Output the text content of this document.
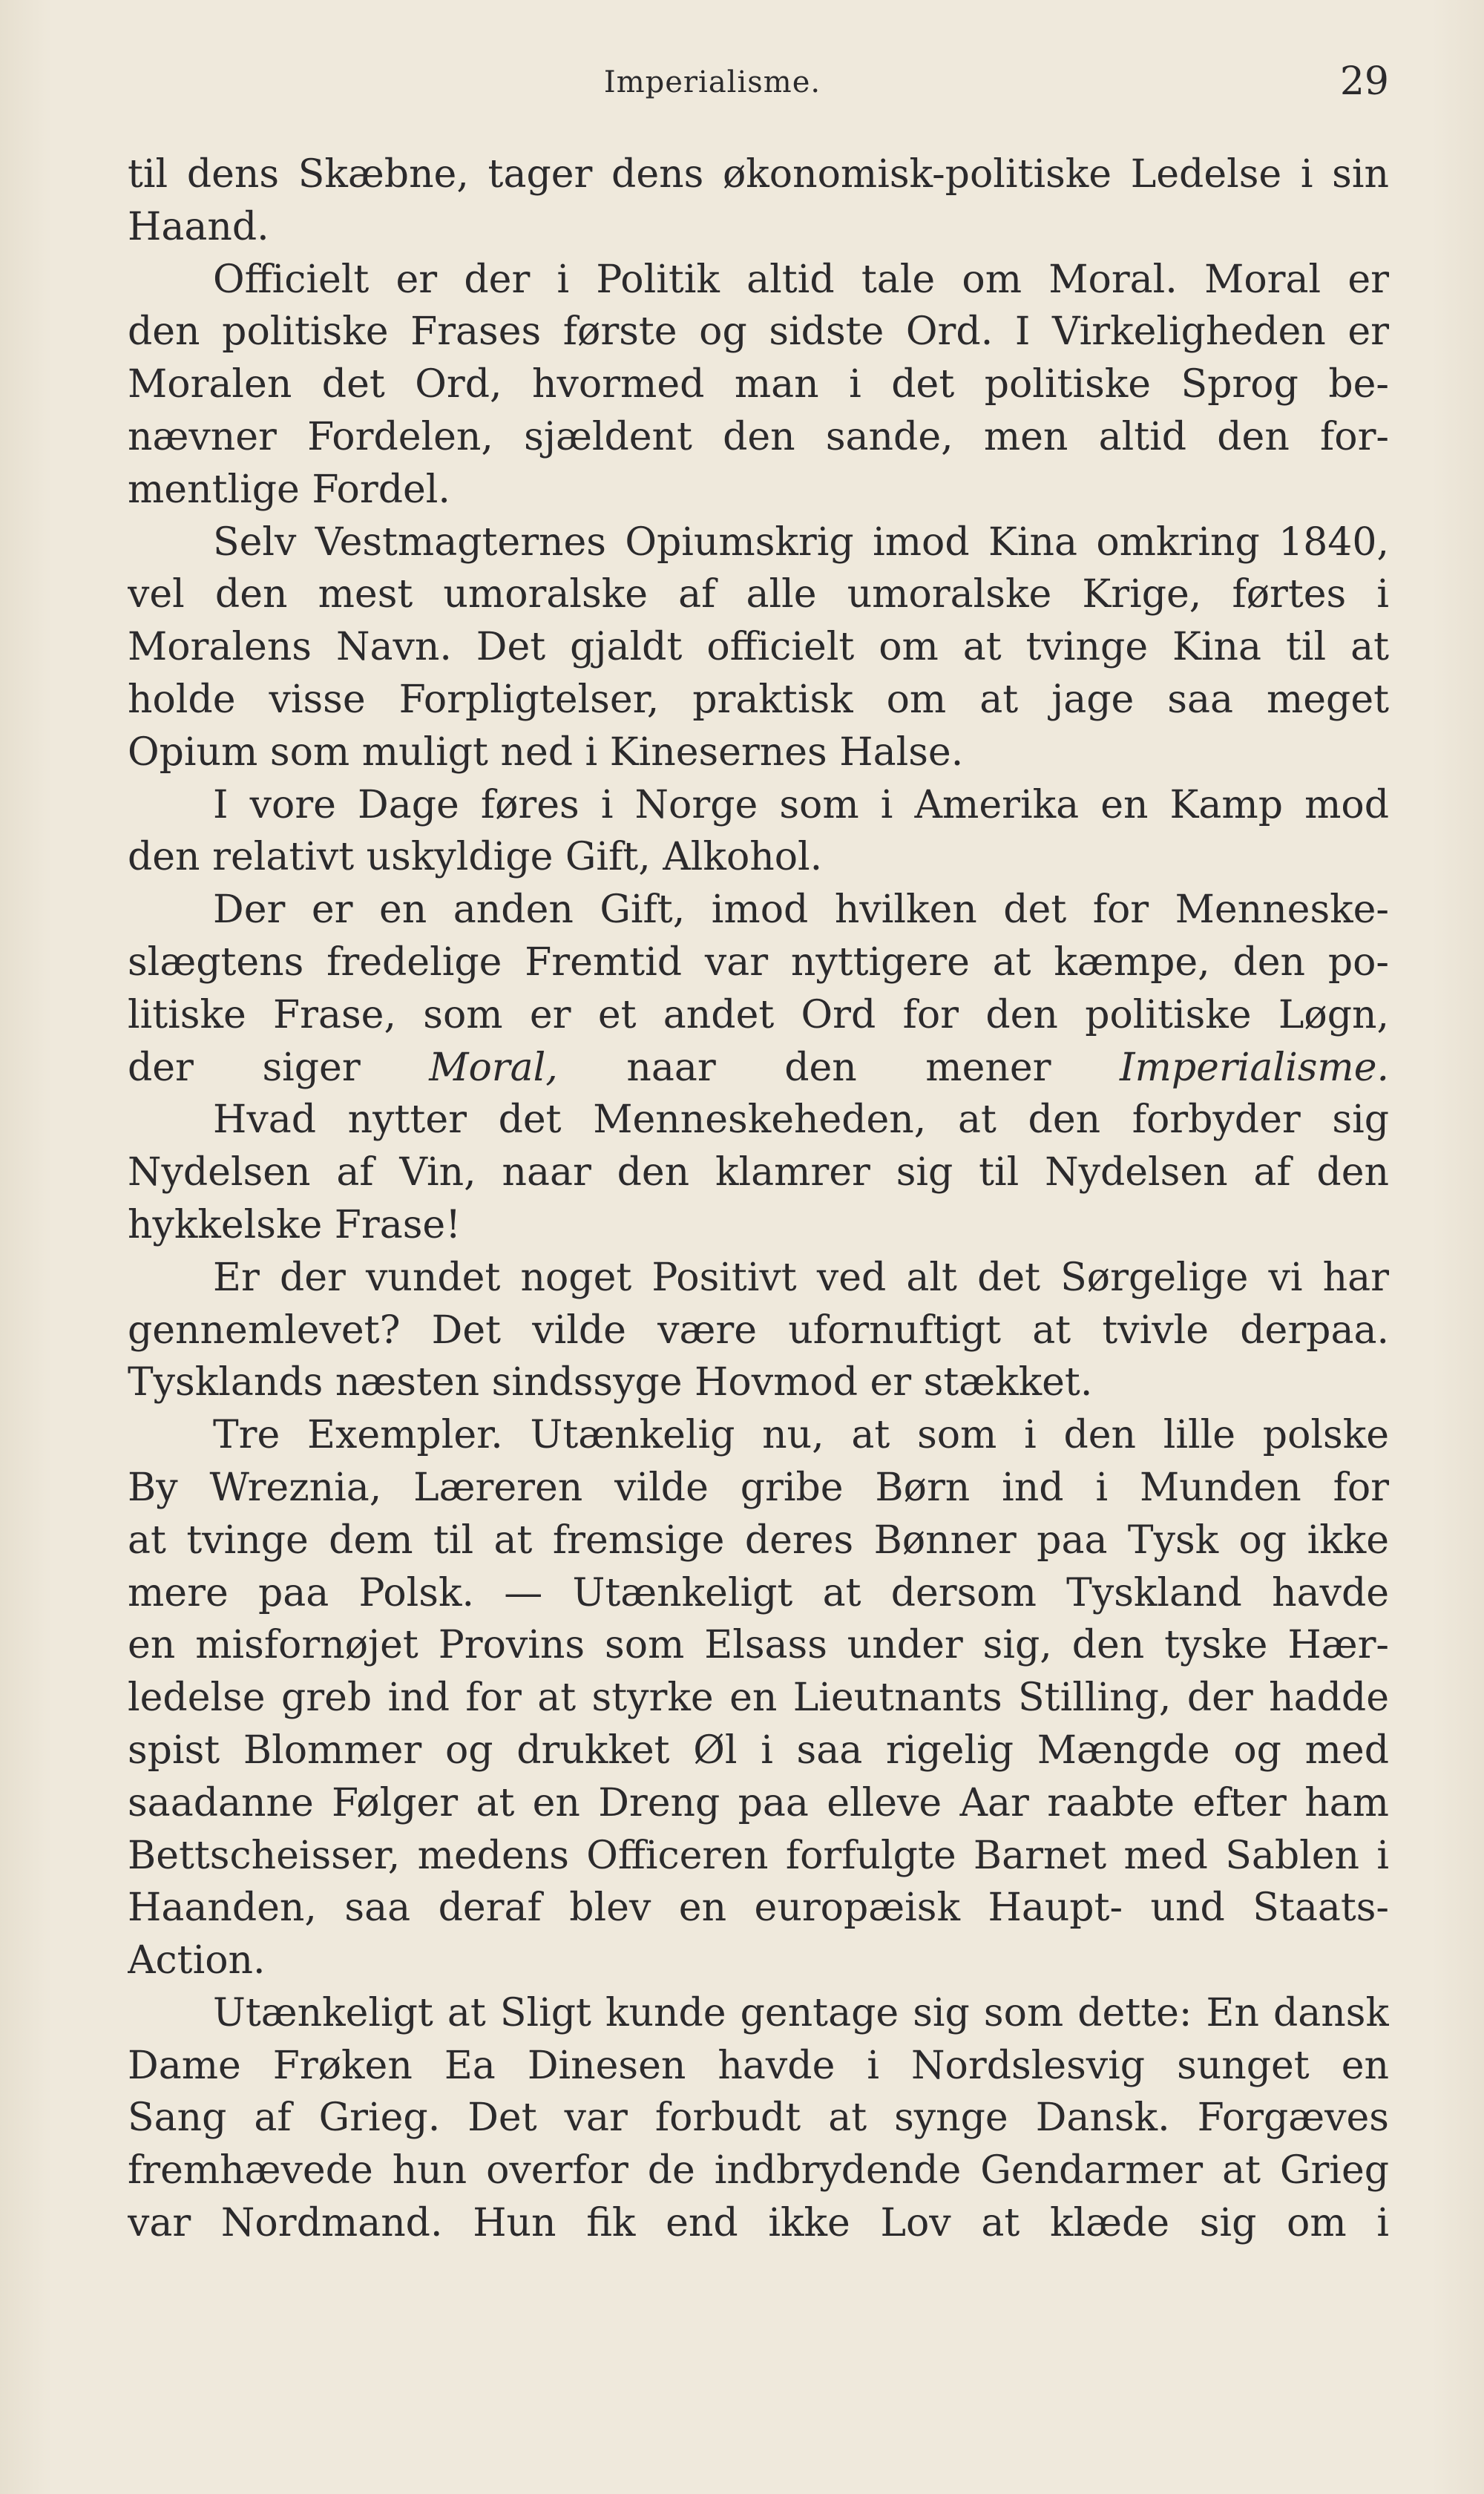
Imperialisme.	29
til dens Skæbne, tager dens økonomisk-politiske Ledelse i sin
Haand.
Officielt er der i Politik altid tale om Moral. Moral er
den politiske Frases første og sidste Ord. I Virkeligheden er
Moralen det Ord, hvormed man i det politiske Sprog be-
nævner Fordelen, sjældent den sande, men altid den for-
mentlige Fordel.
Selv Vestmagternes Opiumskrig imod Kina omkring 1840,
vel den mest umoralske af alle umoralske Krige, førtes i
Moralens Navn. Det gjaldt officielt om at tvinge Kina til at
holde visse Forpligtelser, praktisk om at jage saa meget
Opium som muligt ned i Kinesernes Halse.
I vore Dage føres i Norge som i Amerika en Kamp mod
den relativt uskyldige Gift, Alkohol.
Der er en anden Gift, imod hvilken det for Menneske-
slægtens fredelige Fremtid var nyttigere at kæmpe, den po-
litiske Frase, som er et andet Ord for den politiske Løgn,
der siger Moral, naar den mener Imperialisme.
Hvad nytter det Menneskeheden, at den forbyder sig
Nydelsen af Vin, naar den klamrer sig til Nydelsen af den
hykkelske Frase!
Er der vundet noget Positivt ved alt det Sørgelige vi har
gennemlevet? Det vilde være ufornuftigt at tvivle derpaa.
Tysklands næsten sindssyge Hovmod er stækket.
Tre Exempler. Utænkelig nu, at som i den lille polske
By Wreznia, Læreren vilde gribe Børn ind i Munden for
at tvinge dem til at fremsige deres Bønner paa Tysk og ikke
mere paa Polsk. — Utænkeligt at dersom Tyskland havde
en misfornøjet Provins som Elsass under sig, den tyske Hær-
ledelse greb ind for at styrke en Lieutnants Stilling, der hadde
spist Blommer og drukket Øl i saa rigelig Mængde og med
saadanne Følger at en Dreng paa elleve Aar raabte efter ham
Bettscheisser, medens Officeren forfulgte Barnet med Sablen i
Haanden, saa deraf blev en europæisk Haupt- und Staats-
Action.
Utænkeligt at Sligt kunde gentage sig som dette: En dansk
Dame Frøken Ea Dinesen havde i Nordslesvig sunget en
Sang af Grieg. Det var forbudt at synge Dansk. Forgæves
fremhævede hun overfor de indbrydende Gendarmer at Grieg
var Nordmand. Hun fik end ikke Lov at klæde sig om i
